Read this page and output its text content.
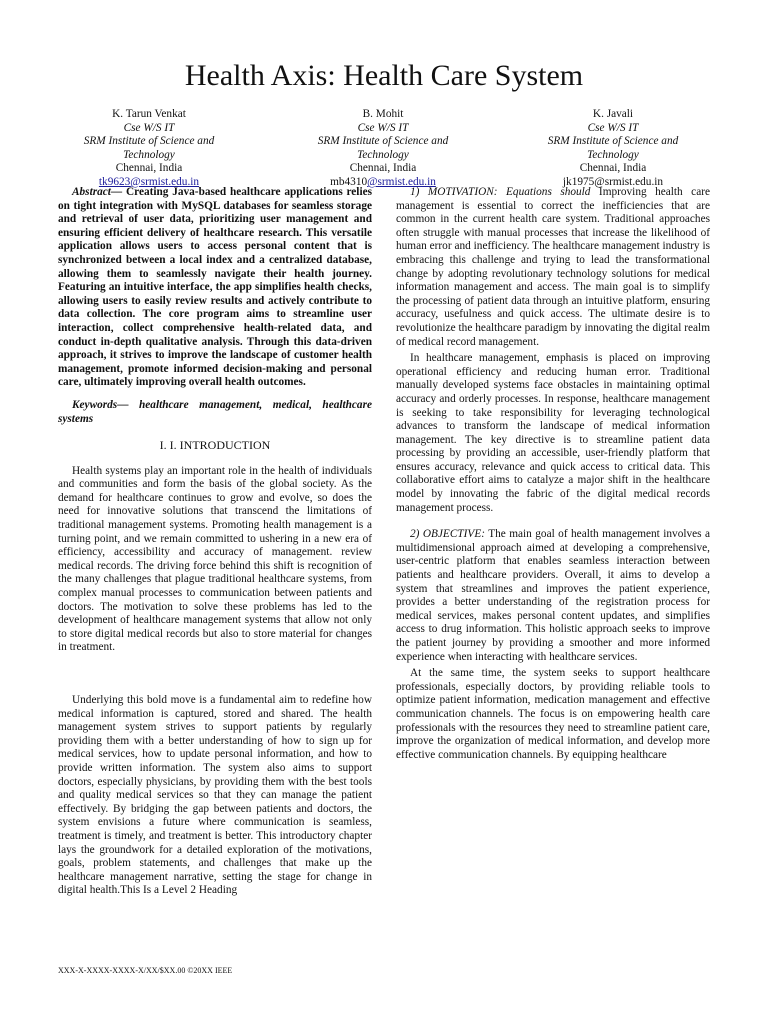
Health Axis: Health Care System
K. Tarun Venkat
Cse W/S IT
SRM Institute of Science and
Technology
Chennai, India
tk9623@srmist.edu.in
B. Mohit
Cse W/S IT
SRM Institute of Science and
Technology
Chennai, India
mb4310@srmist.edu.in
K. Javali
Cse W/S IT
SRM Institute of Science and
Technology
Chennai, India
jk1975@srmist.edu.in

Abstract— Creating Java-based healthcare applications relies on tight integration with MySQL databases for seamless storage and retrieval of user data, prioritizing user management and ensuring efficient delivery of healthcare research. This versatile application allows users to access personal content that is synchronized between a local index and a centralized database, allowing them to seamlessly navigate their health journey. Featuring an intuitive interface, the app simplifies health checks, allowing users to easily review results and actively contribute to data collection. The core program aims to streamline user interaction, collect comprehensive health-related data, and conduct in-depth qualitative analysis. Through this data-driven approach, it strives to improve the landscape of customer health management, promote informed decision-making and personal care, ultimately improving overall health outcomes.

Keywords— healthcare management, medical, healthcare systems

I. I. INTRODUCTION

Health systems play an important role in the health of individuals and communities and form the basis of the global society. As the demand for healthcare continues to grow and evolve, so does the need for innovative solutions that transcend the limitations of traditional management systems. Promoting health management is a turning point, and we remain committed to ushering in a new era of efficiency, accessibility and accuracy of management. review medical records. The driving force behind this shift is recognition of the many challenges that plague traditional healthcare systems, from complex manual processes to communication between patients and doctors. The motivation to solve these problems has led to the development of healthcare management systems that allow not only to store digital medical records but also to store material for changes in treatment.

Underlying this bold move is a fundamental aim to redefine how medical information is captured, stored and shared. The health management system strives to support patients by regularly providing them with a better understanding of how to sign up for medical services, how to update personal information, and how to provide written information. The system also aims to support doctors, especially physicians, by providing them with the best tools and quality medical services so that they can manage the patient effectively. By bridging the gap between patients and doctors, the system envisions a future where communication is seamless, treatment is timely, and treatment is better. This introductory chapter lays the groundwork for a detailed exploration of the motivations, goals, problem statements, and challenges that make up the healthcare management narrative, setting the stage for change in digital health.This Is a Level 2 Heading

1) MOTIVATION: Equations should Improving health care management is essential to correct the inefficiencies that are common in the current health care system. Traditional approaches often struggle with manual processes that increase the likelihood of human error and inefficiency. The healthcare management industry is embracing this challenge and trying to lead the transformational change by adopting revolutionary technology solutions for medical information management and access. The main goal is to simplify the processing of patient data through an intuitive platform, ensuring accuracy, usefulness and quick access. The ultimate desire is to revolutionize the healthcare paradigm by innovating the digital realm of medical record management.

In healthcare management, emphasis is placed on improving operational efficiency and reducing human error. Traditional manually developed systems face obstacles in maintaining optimal accuracy and orderly processes. In response, healthcare management is seeking to take responsibility for leveraging technological advances to transform the landscape of medical information management. The key directive is to streamline patient data processing by providing an accessible, user-friendly platform that ensures accuracy, relevance and quick access to critical data. This collaborative effort aims to catalyze a major shift in the healthcare model by innovating the fabric of the digital medical records management process.

2) OBJECTIVE: The main goal of health management involves a multidimensional approach aimed at developing a comprehensive, user-centric platform that enables seamless interaction between patients and healthcare providers. Overall, it aims to develop a system that streamlines and improves the patient experience, provides a better understanding of the registration process for medical services, makes personal content updates, and simplifies access to drug information. This holistic approach seeks to improve the patient journey by providing a smoother and more informed experience when interacting with healthcare services.

At the same time, the system seeks to support healthcare professionals, especially doctors, by providing reliable tools to optimize patient information, medication management and effective communication channels. The focus is on empowering health care professionals with the resources they need to streamline patient care, improve the organization of medical information, and develop more effective communication channels. By equipping healthcare

XXX-X-XXXX-XXXX-X/XX/$XX.00 ©20XX IEEE
